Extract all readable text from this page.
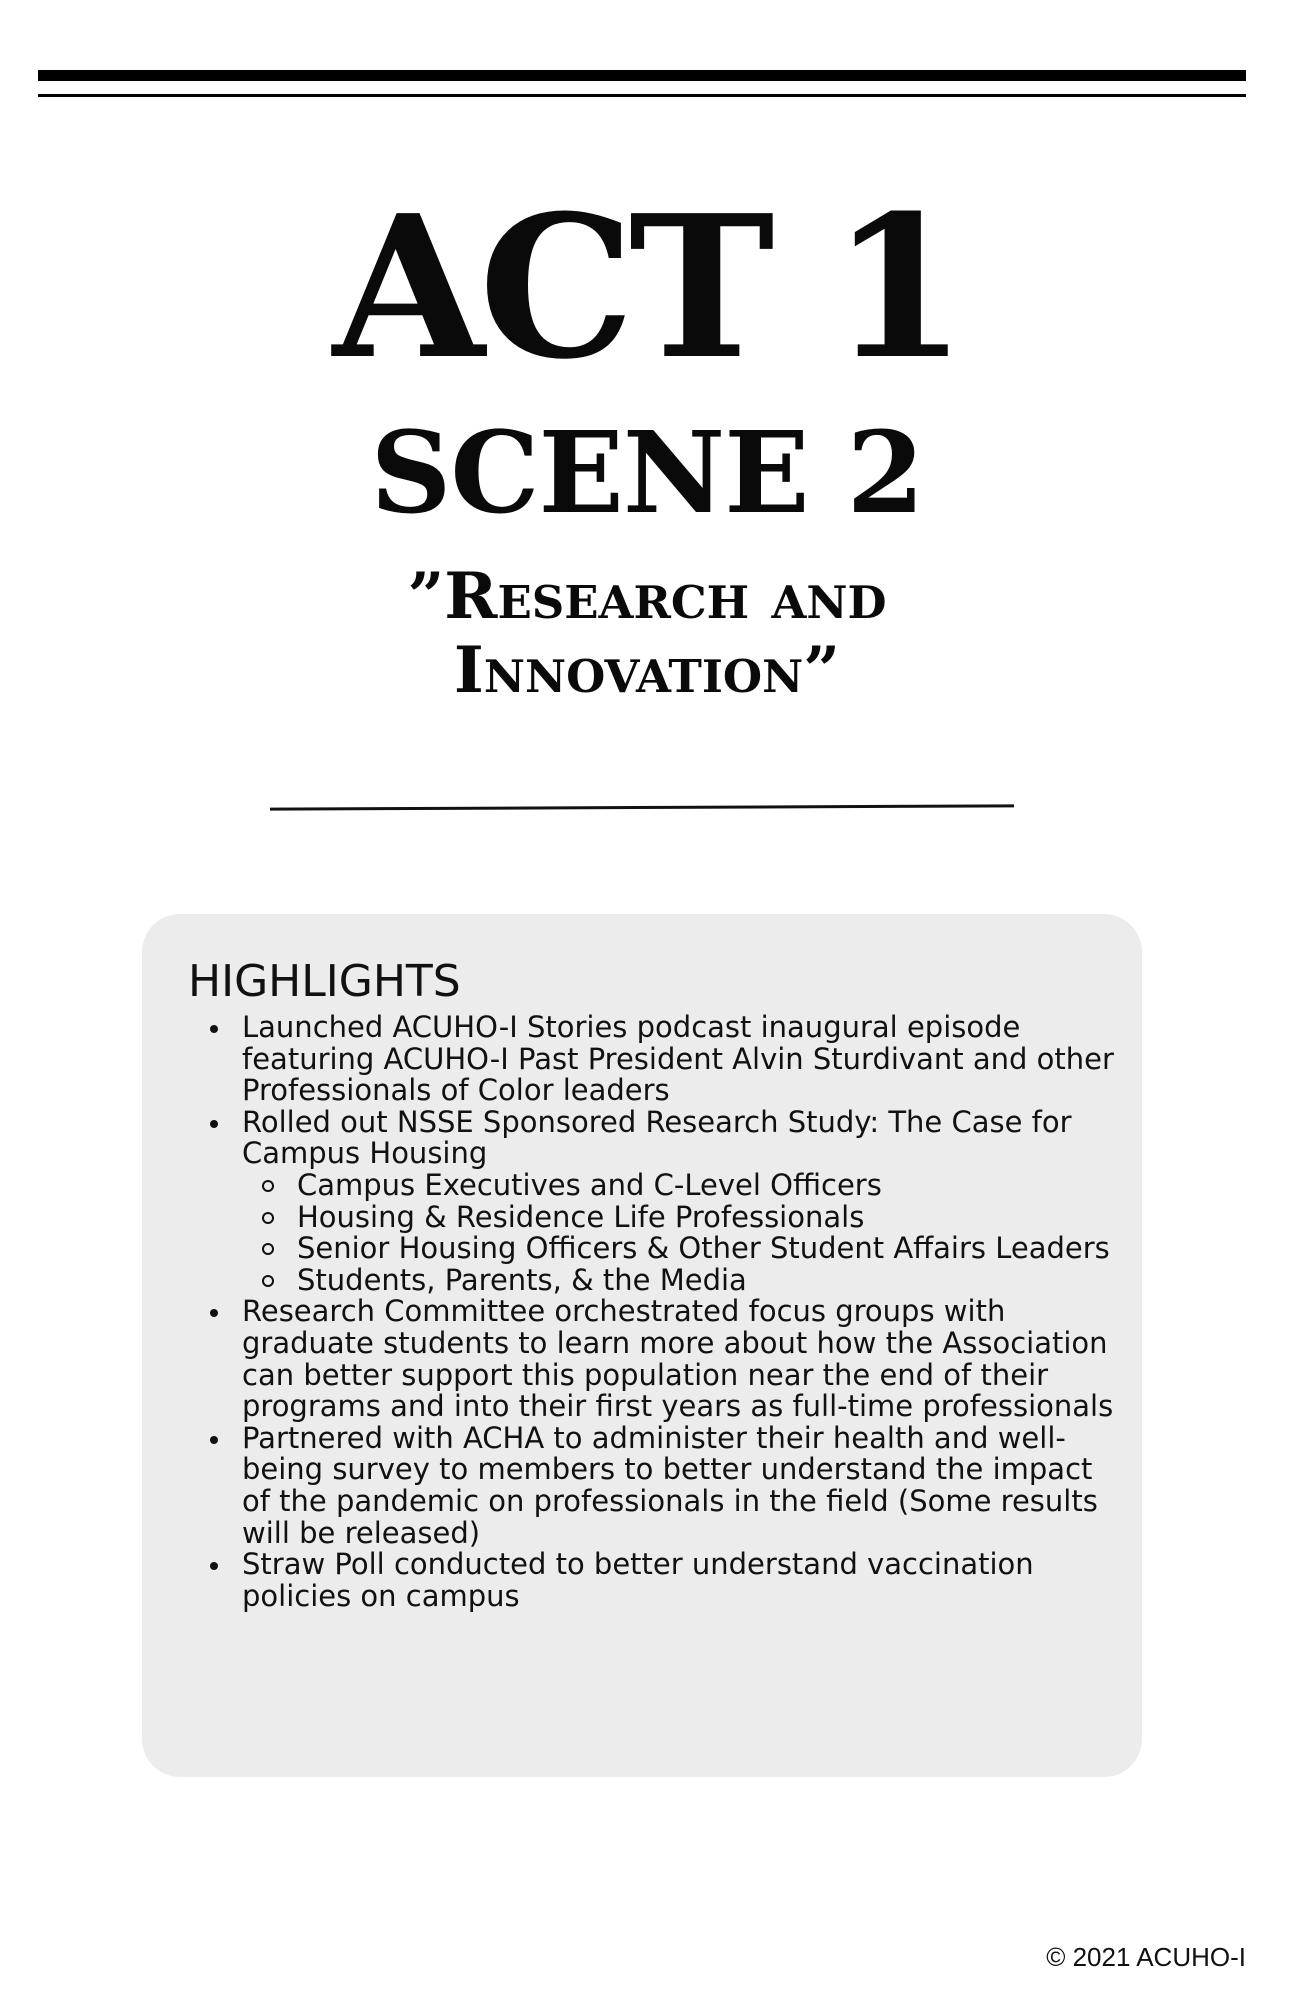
ACT 1
SCENE 2
”Research and
Innovation”
HIGHLIGHTS
Launched ACUHO-I Stories podcast inaugural episode featuring ACUHO-I Past President Alvin Sturdivant and other Professionals of Color leaders
Rolled out NSSE Sponsored Research Study: The Case for Campus Housing
Campus Executives and C-Level Officers
Housing & Residence Life Professionals
Senior Housing Officers & Other Student Affairs Leaders
Students, Parents, & the Media
Research Committee orchestrated focus groups with graduate students to learn more about how the Association can better support this population near the end of their programs and into their first years as full-time professionals
Partnered with ACHA to administer their health and well-being survey to members to better understand the impact of the pandemic on professionals in the field (Some results will be released)
Straw Poll conducted to better understand vaccination policies on campus
© 2021 ACUHO-I
